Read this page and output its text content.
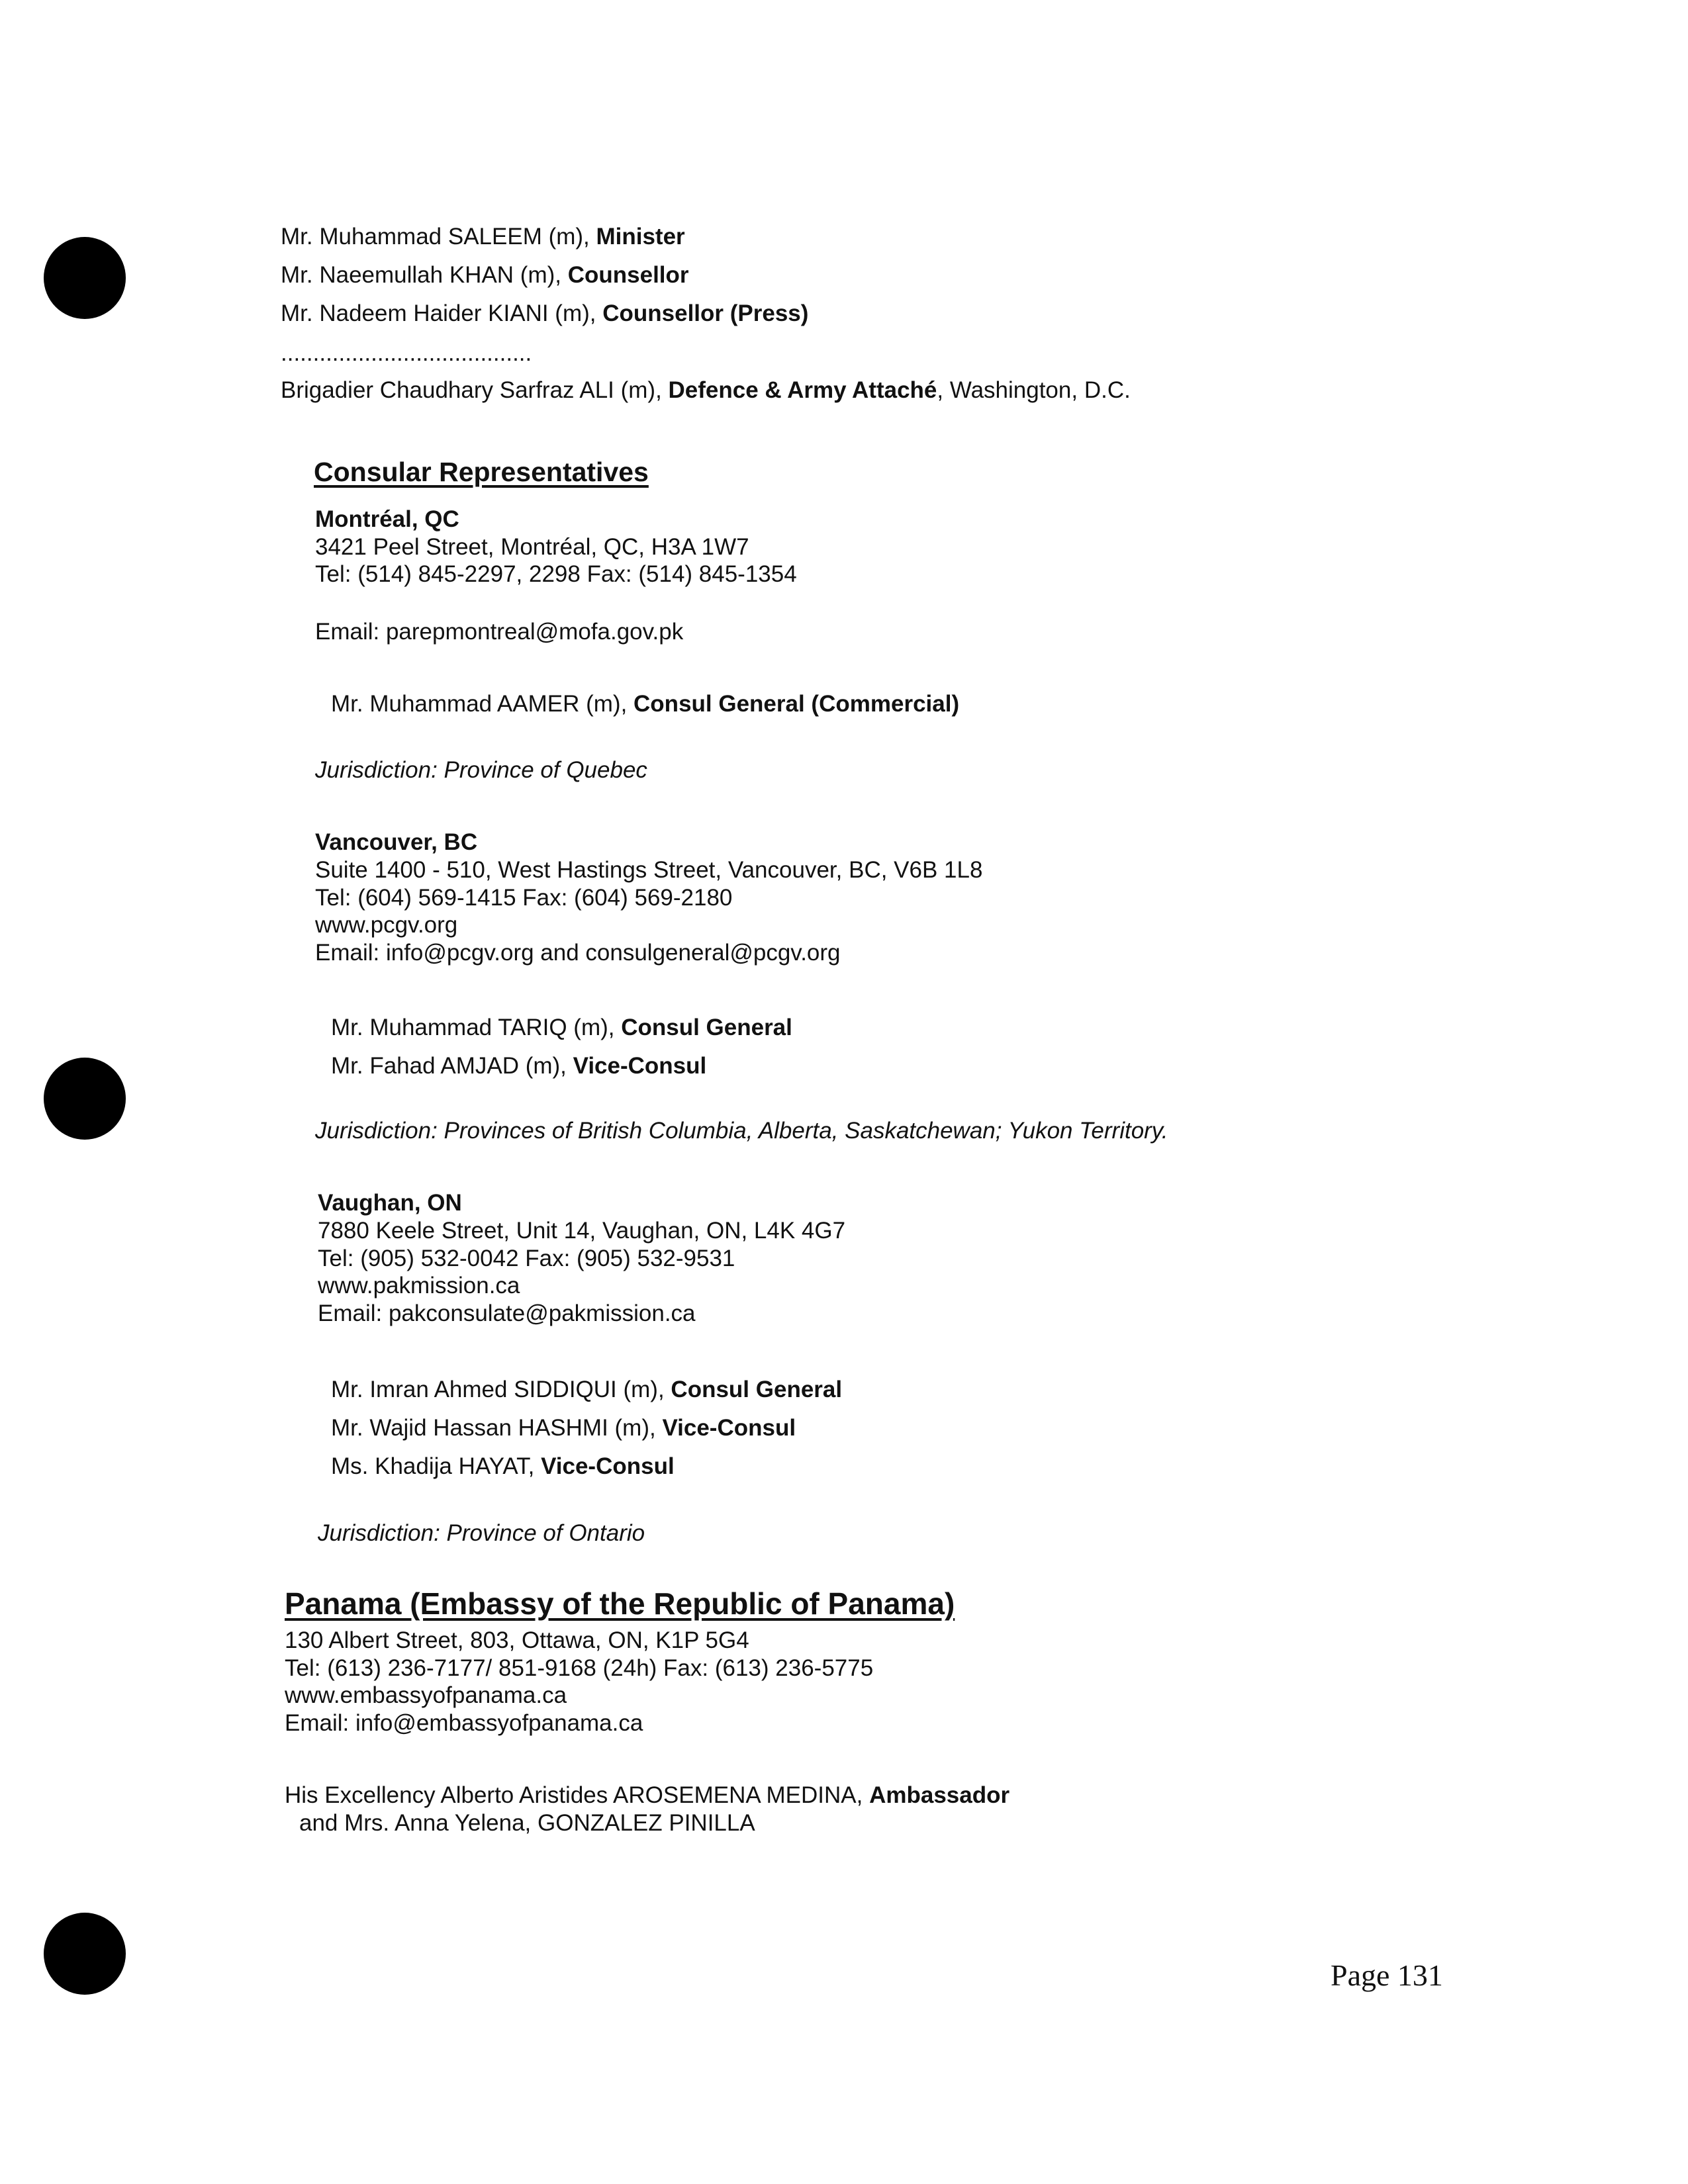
Mr. Muhammad SALEEM (m), Minister
Mr. Naeemullah KHAN (m), Counsellor
Mr. Nadeem Haider KIANI (m), Counsellor (Press)
.......................................
Brigadier Chaudhary Sarfraz ALI (m), Defence & Army Attaché, Washington, D.C.
Consular Representatives
Montréal, QC
3421 Peel Street, Montréal, QC, H3A 1W7
Tel: (514) 845-2297, 2298 Fax: (514) 845-1354
Email: parepmontreal@mofa.gov.pk
Mr. Muhammad AAMER (m), Consul General (Commercial)
Jurisdiction: Province of Quebec
Vancouver, BC
Suite 1400 - 510, West Hastings Street, Vancouver, BC, V6B 1L8
Tel: (604) 569-1415 Fax: (604) 569-2180
www.pcgv.org
Email: info@pcgv.org and consulgeneral@pcgv.org
Mr. Muhammad TARIQ (m), Consul General
Mr. Fahad AMJAD (m), Vice-Consul
Jurisdiction: Provinces of British Columbia, Alberta, Saskatchewan; Yukon Territory.
Vaughan, ON
7880 Keele Street, Unit 14, Vaughan, ON, L4K 4G7
Tel: (905) 532-0042 Fax: (905) 532-9531
www.pakmission.ca
Email: pakconsulate@pakmission.ca
Mr. Imran Ahmed SIDDIQUI (m), Consul General
Mr. Wajid Hassan HASHMI (m), Vice-Consul
Ms. Khadija HAYAT, Vice-Consul
Jurisdiction: Province of Ontario
Panama (Embassy of the Republic of Panama)
130 Albert Street, 803, Ottawa, ON, K1P 5G4
Tel: (613) 236-7177/ 851-9168 (24h) Fax: (613) 236-5775
www.embassyofpanama.ca
Email: info@embassyofpanama.ca
His Excellency Alberto Aristides AROSEMENA MEDINA, Ambassador
and Mrs. Anna Yelena, GONZALEZ PINILLA
Page 131
